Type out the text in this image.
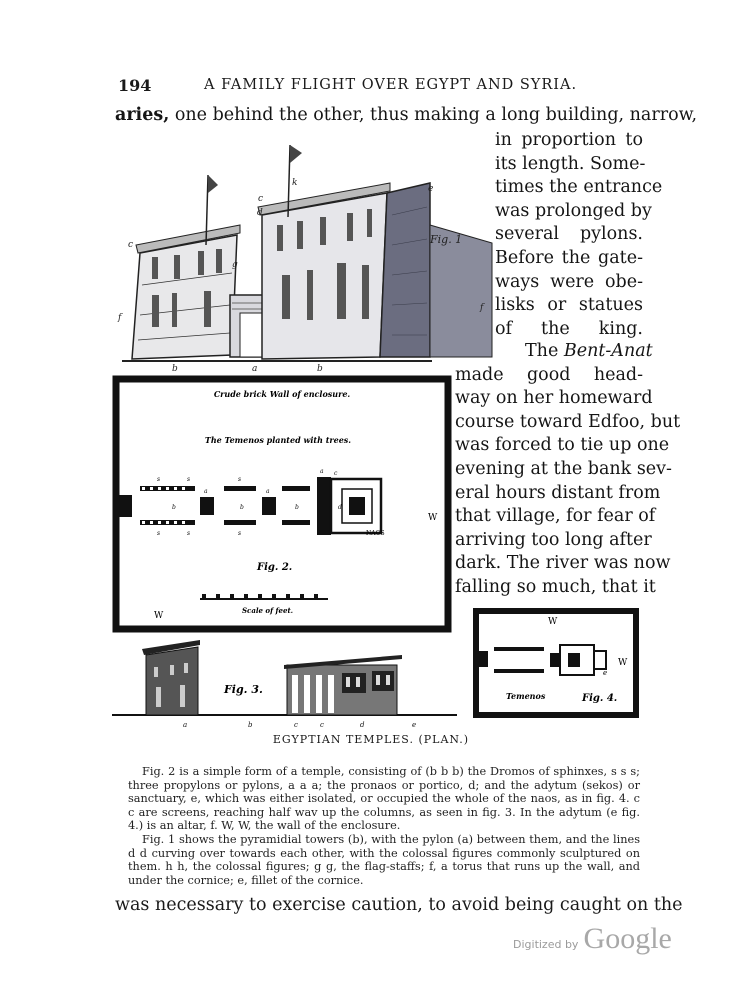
194	A FAMILY FLIGHT OVER EGYPT AND SYRIA.
aries, one behind the other, thus making a long building, narrow,
in proportion to
its length. Some-
times the entrance
was prolonged by
several pylons.
Before the gate-
ways were obe-
lisks or statues
of the king.
The Bent-Anat
made good head-
way on her homeward
course toward Edfoo, but
was forced to tie up one
evening at the bank sev-
eral hours distant from
that village, for fear of
arriving too long after
dark. The river was now
falling so much, that it
c
d
k
e
c
f
g
b	a	b
f
Fig. 1
Crude brick Wall of enclosure.
The Temenos planted with trees.
NAOS
s	s	s
s	s	s
a	a
a
b	b	b
c
d
Fig. 2.
Scale of feet.
W
W
Fig. 3.
a	b	c	c	d	e
W
W
e
Temenos	Fig. 4.
EGYPTIAN TEMPLES. (PLAN.)

Fig. 2 is a simple form of a temple, consisting of (b b b) the Dromos of sphinxes, s s s; three propylons or pylons, a a a; the pronaos or portico, d; and the adytum (sekos) or sanctuary, e, which was either isolated, or occupied the whole of the naos, as in fig. 4. c c are screens, reaching half wav up the columns, as seen in fig. 3. In the adytum (e fig. 4.) is an altar, f. W, W, the wall of the enclosure.

Fig. 1 shows the pyramidial towers (b), with the pylon (a) between them, and the lines d d curving over towards each other, with the colossal figures commonly sculptured on them. h h, the colossal figures; g g, the flag-staffs; f, a torus that runs up the wall, and under the cornice; e, fillet of the cornice.

was necessary to exercise caution, to avoid being caught on the
Digitized by Google
